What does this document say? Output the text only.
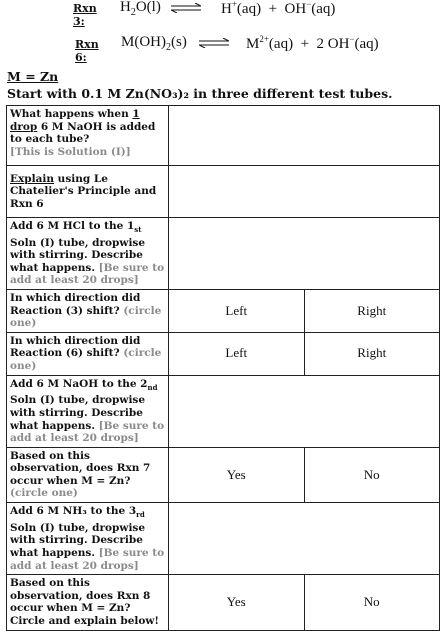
Rxn 3:
$H_2O(l)$ ⇌ H+(aq)  +  OH−(aq)
Rxn 6:
$M(OH)_2(s)$ ⇌ $M^{2+}(aq) + 2$ OH−(aq)
M = Zn
Start with 0.1 M Zn(NO₃)₂ in three different test tubes.
What happens when 1 drop 6 M NaOH is added to each tube?
[This is Solution (I)]		
Explain using Le Chatelier's Principle and Rxn 6		
Add 6 M HCl to the $1_{st}$ Soln (I) tube, dropwise with stirring. Describe what happens. [Be sure to add at least 20 drops]		
In which direction did Reaction (3) shift? (circle one)	Left	Right
In which direction did Reaction (6) shift? (circle one)	Left	Right
Add 6 M NaOH to the $2_{nd}$ Soln (I) tube, dropwise with stirring. Describe what happens. [Be sure to add at least 20 drops]		
Based on this observation, does Rxn 7 occur when M = Zn? (circle one)	Yes	No
Add 6 M NH₃ to the $3_{rd}$ Soln (I) tube, dropwise with stirring. Describe what happens. [Be sure to add at least 20 drops]		
Based on this observation, does Rxn 8 occur when M = Zn? Circle and explain below!	Yes	No
